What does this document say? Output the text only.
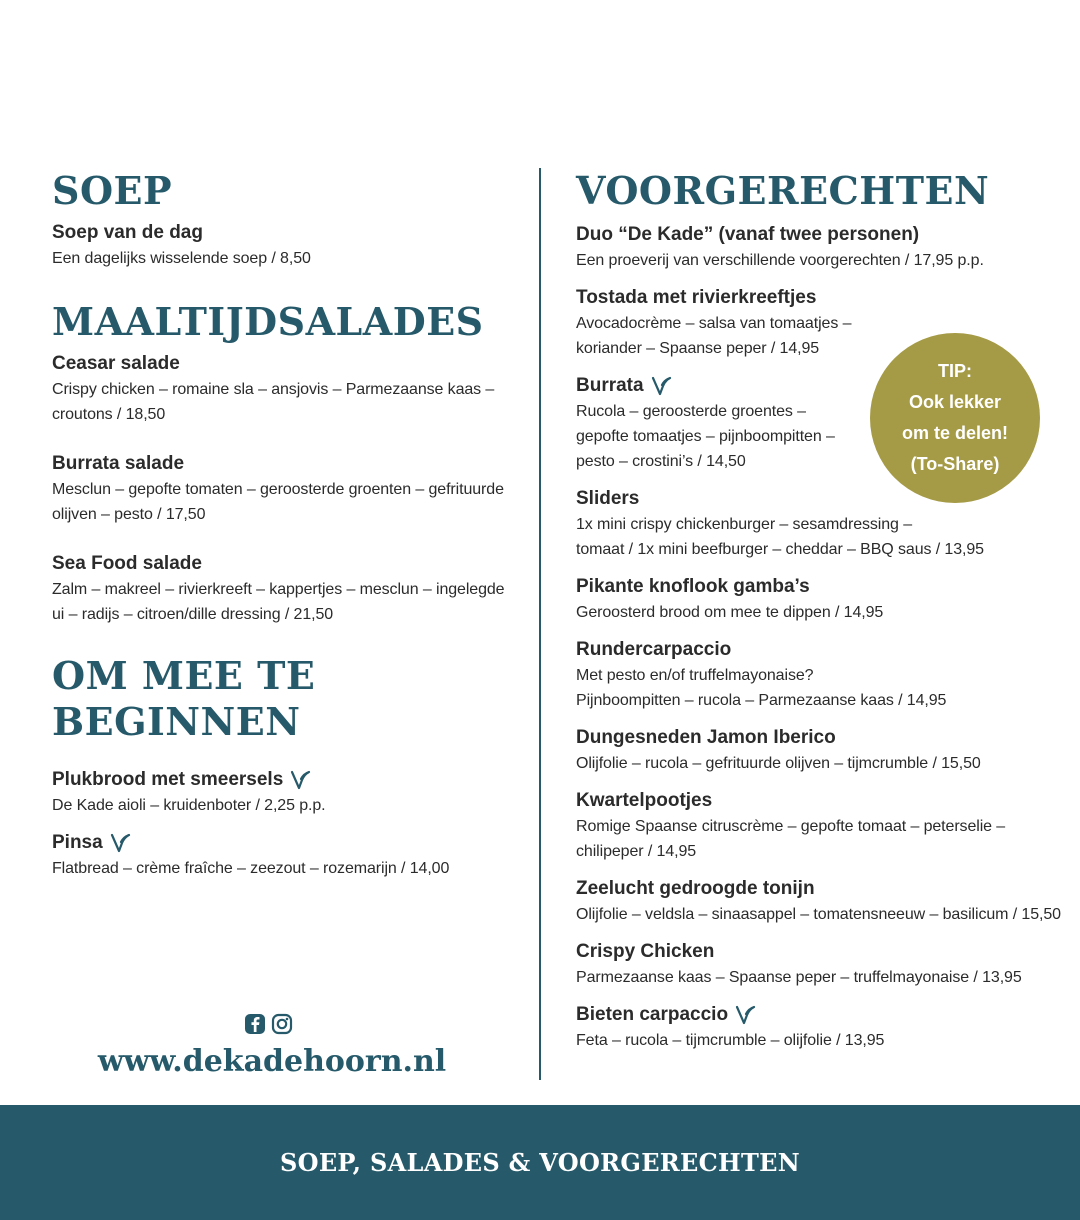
SOEP
Soep van de dag
Een dagelijks wisselende soep / 8,50
MAALTIJDSALADES
Ceasar salade
Crispy chicken – romaine sla – ansjovis – Parmezaanse kaas –
croutons / 18,50
Burrata salade
Mesclun – gepofte tomaten – geroosterde groenten – gefrituurde
olijven – pesto / 17,50
Sea Food salade
Zalm – makreel – rivierkreeft – kappertjes – mesclun – ingelegde
ui – radijs – citroen/dille dressing / 21,50
OM MEE TE
BEGINNEN
Plukbrood met smeersels
De Kade aioli – kruidenboter / 2,25 p.p.
Pinsa
Flatbread – crème fraîche – zeezout – rozemarijn / 14,00
VOORGERECHTEN
Duo “De Kade” (vanaf twee personen)
Een proeverij van verschillende voorgerechten / 17,95 p.p.
Tostada met rivierkreeftjes
Avocadocrème – salsa van tomaatjes –
koriander – Spaanse peper / 14,95
Burrata
Rucola – geroosterde groentes –
gepofte tomaatjes – pijnboompitten –
pesto – crostini’s / 14,50
Sliders
1x mini crispy chickenburger – sesamdressing –
tomaat / 1x mini beefburger – cheddar – BBQ saus / 13,95
Pikante knoflook gamba’s
Geroosterd brood om mee te dippen / 14,95
Rundercarpaccio
Met pesto en/of truffelmayonaise?
Pijnboompitten – rucola – Parmezaanse kaas / 14,95
Dungesneden Jamon Iberico
Olijfolie – rucola – gefrituurde olijven – tijmcrumble / 15,50
Kwartelpootjes
Romige Spaanse citruscrème – gepofte tomaat – peterselie –
chilipeper / 14,95
Zeelucht gedroogde tonijn
Olijfolie – veldsla – sinaasappel – tomatensneeuw – basilicum / 15,50
Crispy Chicken
Parmezaanse kaas – Spaanse peper – truffelmayonaise / 13,95
Bieten carpaccio
Feta – rucola – tijmcrumble – olijfolie / 13,95
TIP:
Ook lekker
om te delen!
(To-Share)
www.dekadehoorn.nl
SOEP, SALADES & VOORGERECHTEN
